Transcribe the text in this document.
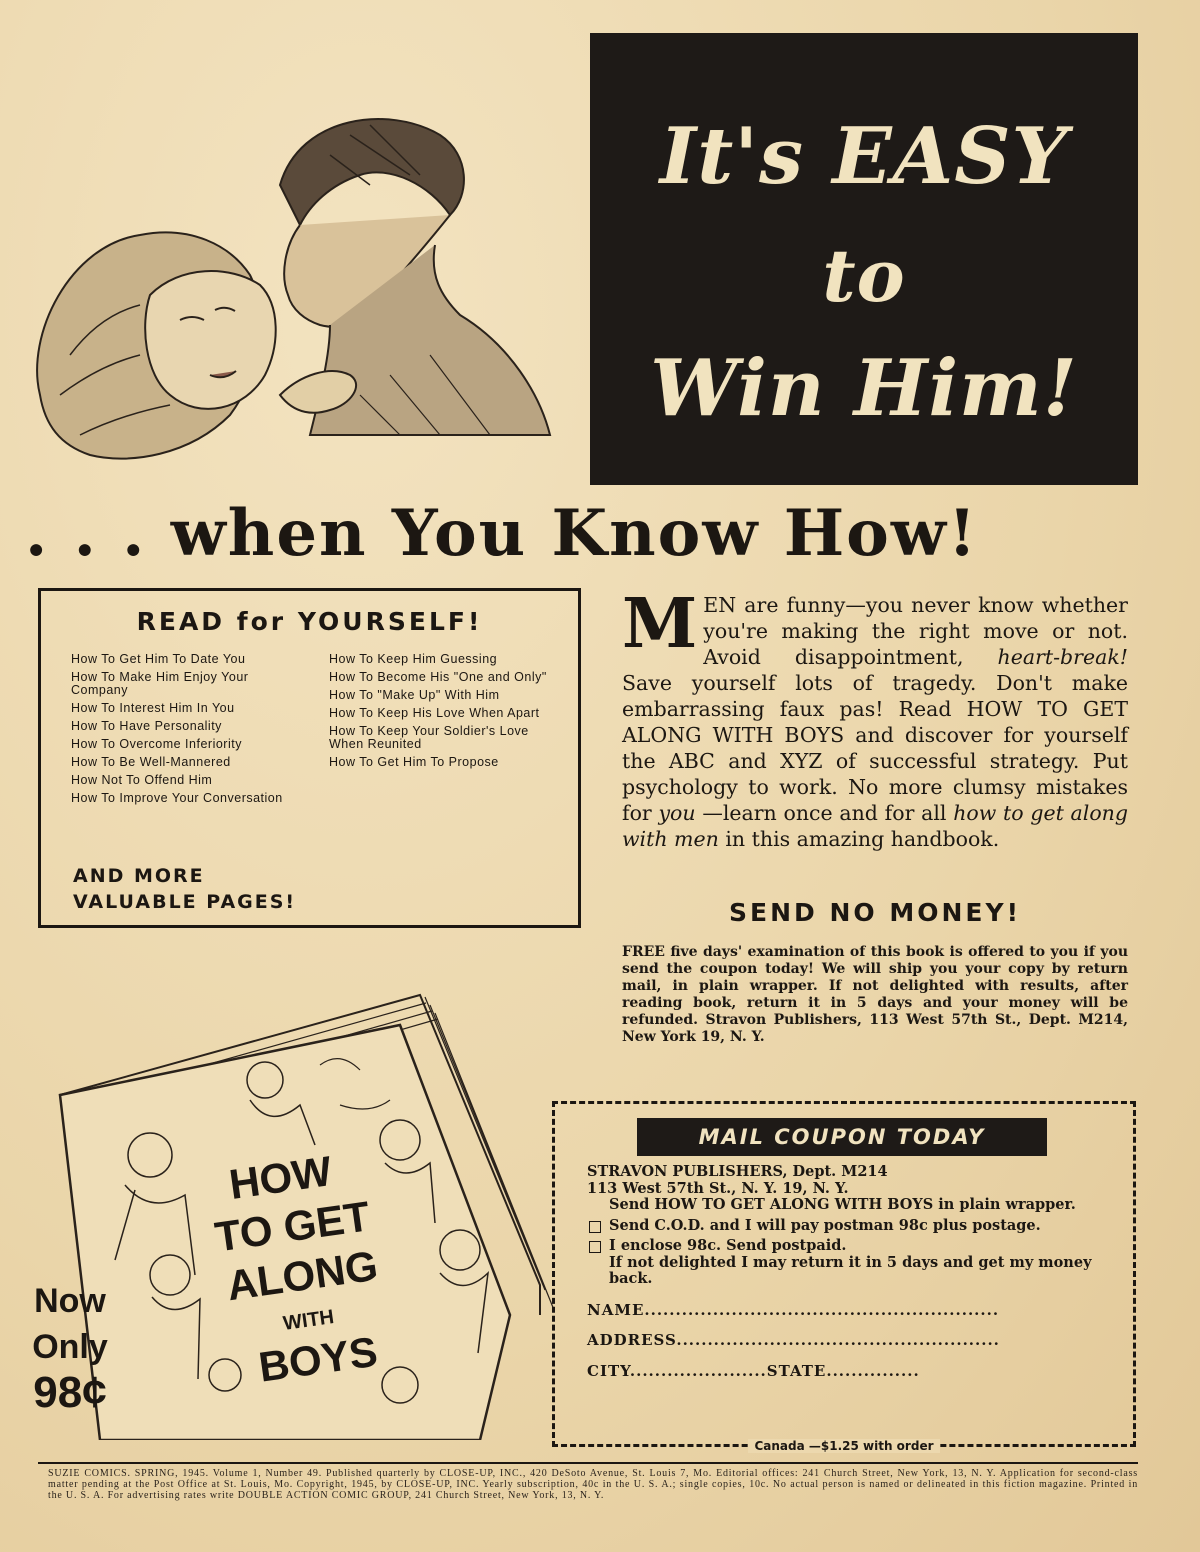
It's EASY
to
Win Him!
. . . when You Know How!
READ for YOURSELF!
How To Get Him To Date You
How To Make Him Enjoy Your Company
How To Interest Him In You
How To Have Personality
How To Overcome Inferiority
How To Be Well-Mannered
How Not To Offend Him
How To Improve Your Conversation
How To Keep Him Guessing
How To Become His "One and Only"
How To "Make Up" With Him
How To Keep His Love When Apart
How To Keep Your Soldier's Love When Reunited
How To Get Him To Propose
AND MORE
VALUABLE PAGES!
MEN are funny—you never know whether you're making the right move or not. Avoid disappointment, heart-break! Save yourself lots of tragedy. Don't make embarrassing faux pas! Read HOW TO GET ALONG WITH BOYS and discover for yourself the ABC and XYZ of successful strategy. Put psychology to work. No more clumsy mistakes for you —learn once and for all how to get along with men in this amazing handbook.
SEND NO MONEY!
FREE five days' examination of this book is offered to you if you send the coupon today! We will ship you your copy by return mail, in plain wrapper. If not delighted with results, after reading book, return it in 5 days and your money will be refunded. Stravon Publishers, 113 West 57th St., Dept. M214, New York 19, N. Y.
HOW
TO GET
ALONG
WITH
BOYS
Now
Only
98¢
MAIL COUPON TODAY

STRAVON PUBLISHERS, Dept. M214

113 West 57th St., N. Y. 19, N. Y.

Send HOW TO GET ALONG WITH BOYS in plain wrapper.

Send C.O.D. and I will pay postman 98c plus postage.
I enclose 98c. Send postpaid.

If not delighted I may return it in 5 days and get my money back.

NAME.........................................................
ADDRESS....................................................
CITY......................STATE...............
Canada —$1.25 with order
SUZIE COMICS. SPRING, 1945. Volume 1, Number 49. Published quarterly by CLOSE-UP, INC., 420 DeSoto Avenue, St. Louis 7, Mo. Editorial offices: 241 Church Street, New York, 13, N. Y. Application for second-class matter pending at the Post Office at St. Louis, Mo. Copyright, 1945, by CLOSE-UP, INC. Yearly subscription, 40c in the U. S. A.; single copies, 10c. No actual person is named or delineated in this fiction magazine. Printed in the U. S. A. For advertising rates write DOUBLE ACTION COMIC GROUP, 241 Church Street, New York, 13, N. Y.
